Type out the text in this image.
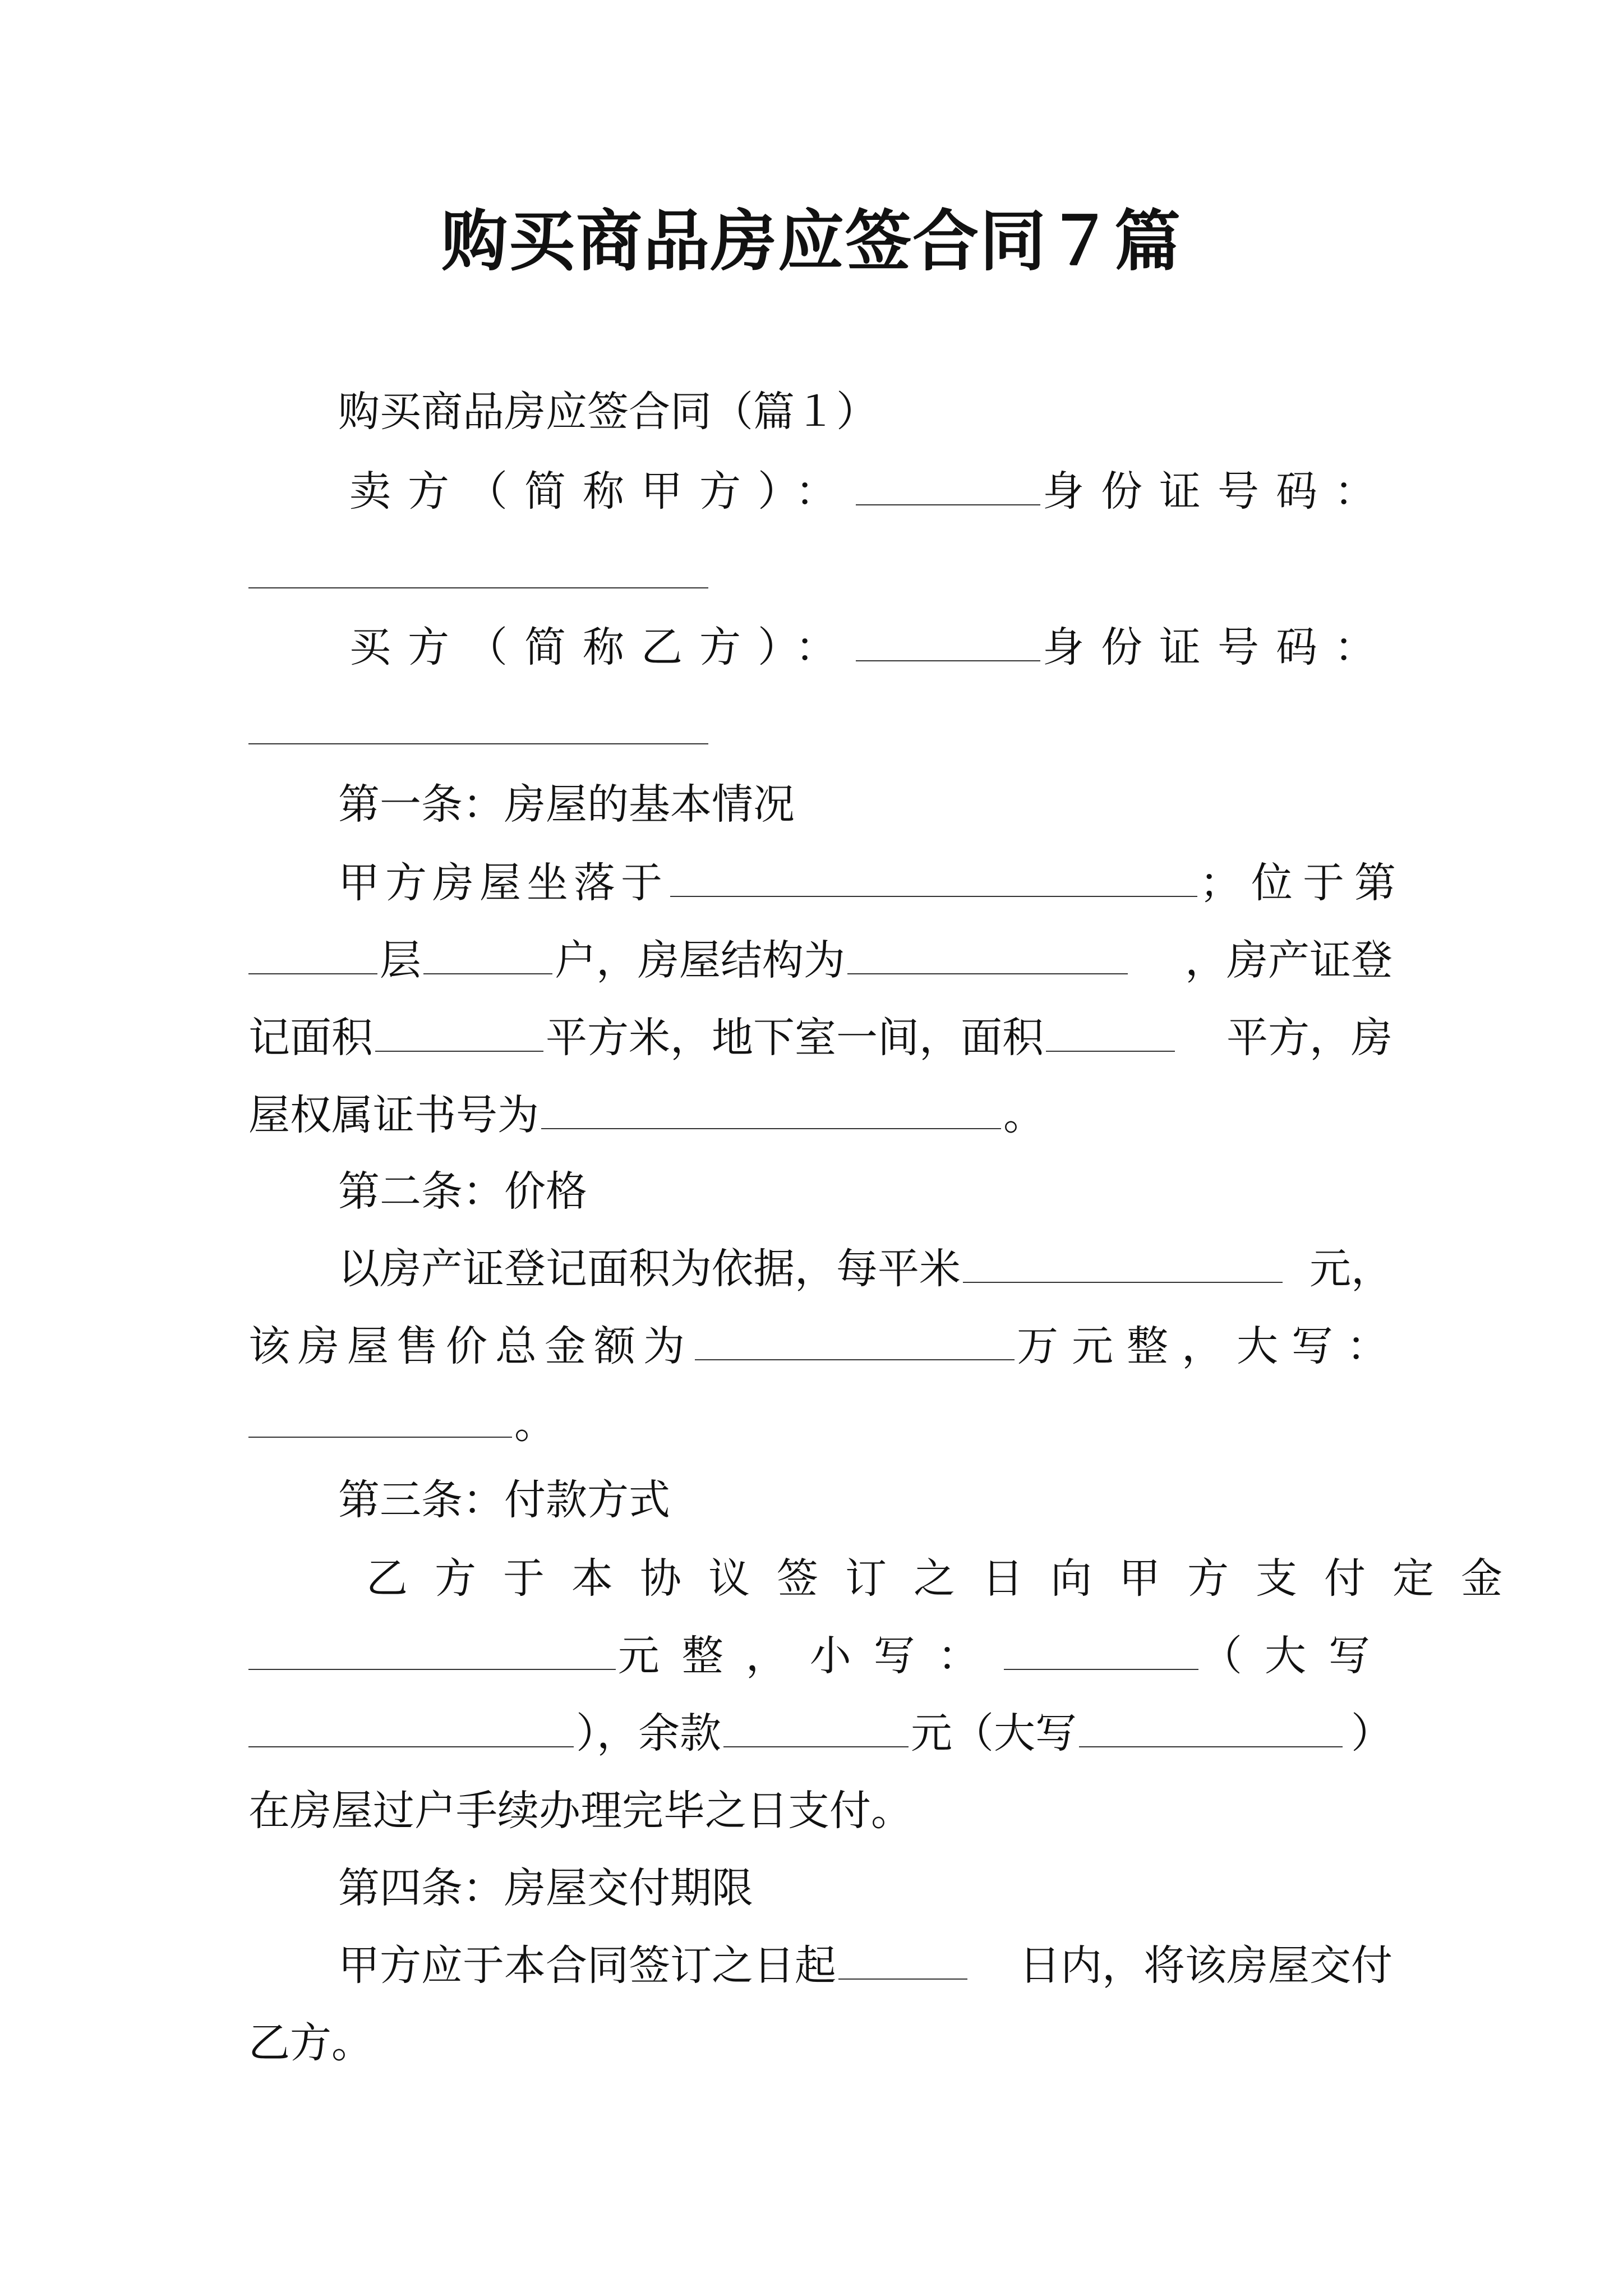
购买商品房应签合同７篇
购买商品房应签合同（篇１）
卖方（简称甲方）：	身份证号码：
买方（简称乙方）：	身份证号码：
第一条：房屋的基本情况
甲方房屋坐落于	；位于第
层	户，房屋结构为	，房产证登
记面积	平方米，地下室一间，面积	平方，房
屋权属证书号为	。
第二条：价格
以房产证登记面积为依据，每平米	元，
该房屋售价总金额为	万元整，大写：
。
第三条：付款方式
乙方于本协议签订之日向甲方支付定金
元整，小写：	（大写
），余款	元（大写	）
在房屋过户手续办理完毕之日支付。
第四条：房屋交付期限
甲方应于本合同签订之日起	日内，将该房屋交付
乙方。
